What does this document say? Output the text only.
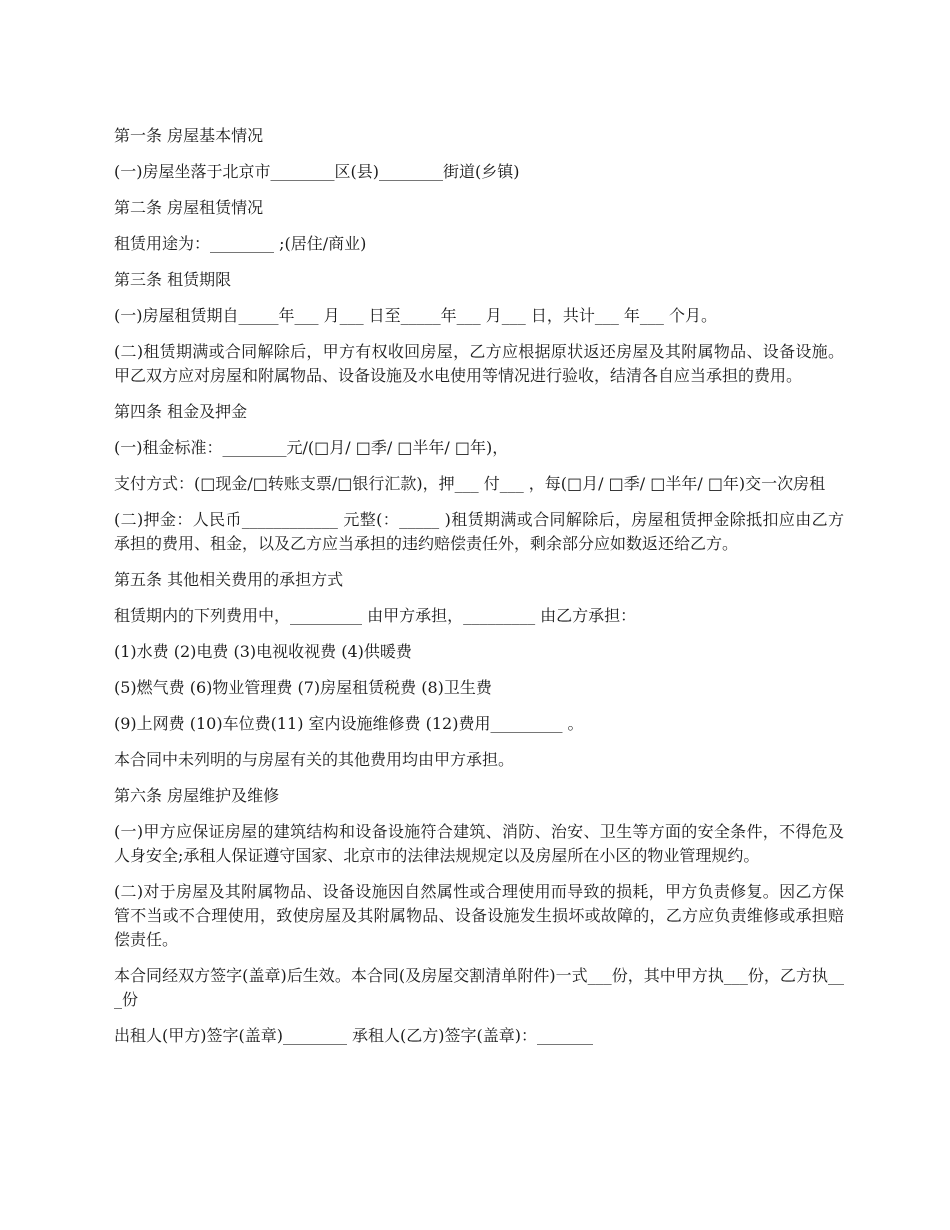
第一条 房屋基本情况

(一)房屋坐落于北京市________区(县)________街道(乡镇)

第二条 房屋租赁情况

租赁用途为：________ ;(居住/商业)

第三条 租赁期限

(一)房屋租赁期自_____年___ 月___ 日至_____年___ 月___ 日，共计___ 年___ 个月。

(二)租赁期满或合同解除后，甲方有权收回房屋，乙方应根据原状返还房屋及其附属物品、设备设施。甲乙双方应对房屋和附属物品、设备设施及水电使用等情况进行验收，结清各自应当承担的费用。

第四条 租金及押金

(一)租金标准：________元/(□月/ □季/ □半年/ □年)，

支付方式：(□现金/□转账支票/□银行汇款)，押___ 付___ ，每(□月/ □季/ □半年/ □年)交一次房租

(二)押金：人民币____________ 元整(：_____ )租赁期满或合同解除后，房屋租赁押金除抵扣应由乙方承担的费用、租金，以及乙方应当承担的违约赔偿责任外，剩余部分应如数返还给乙方。

第五条 其他相关费用的承担方式

租赁期内的下列费用中，_________ 由甲方承担，_________ 由乙方承担：

(1)水费 (2)电费 (3)电视收视费 (4)供暖费

(5)燃气费 (6)物业管理费 (7)房屋租赁税费 (8)卫生费

(9)上网费 (10)车位费(11) 室内设施维修费 (12)费用_________ 。

本合同中未列明的与房屋有关的其他费用均由甲方承担。

第六条 房屋维护及维修

(一)甲方应保证房屋的建筑结构和设备设施符合建筑、消防、治安、卫生等方面的安全条件，不得危及人身安全;承租人保证遵守国家、北京市的法律法规规定以及房屋所在小区的物业管理规约。

(二)对于房屋及其附属物品、设备设施因自然属性或合理使用而导致的损耗，甲方负责修复。因乙方保管不当或不合理使用，致使房屋及其附属物品、设备设施发生损坏或故障的，乙方应负责维修或承担赔偿责任。

本合同经双方签字(盖章)后生效。本合同(及房屋交割清单附件)一式___份，其中甲方执___份，乙方执___份

出租人(甲方)签字(盖章)________ 承租人(乙方)签字(盖章)：_______
